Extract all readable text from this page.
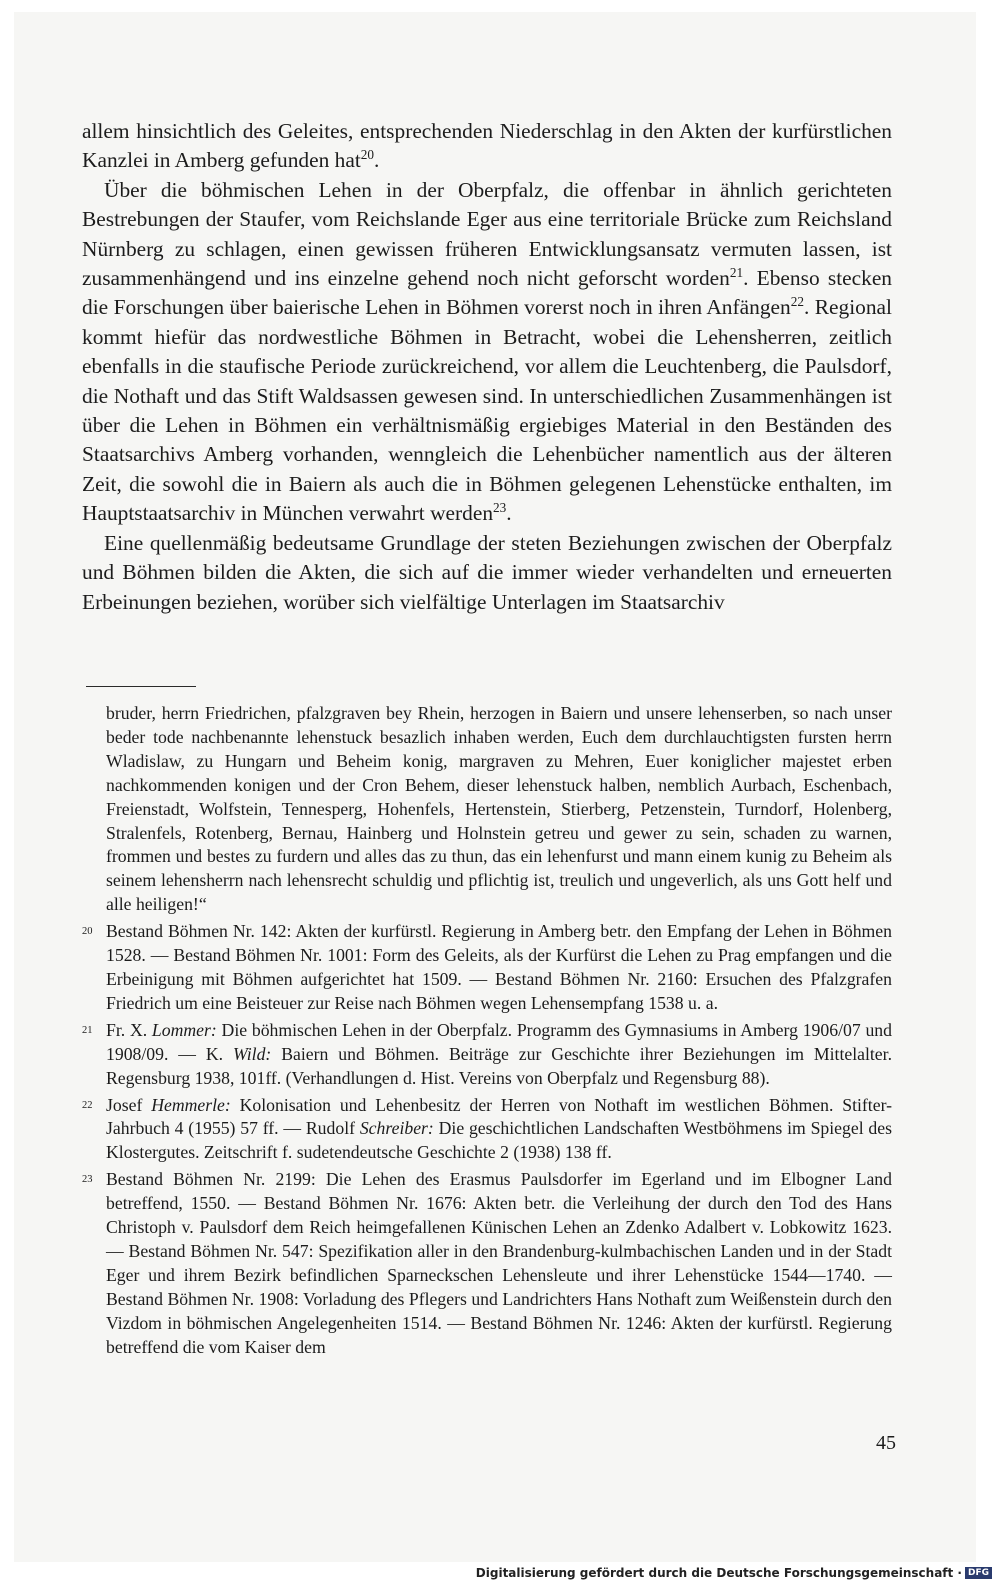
allem hinsichtlich des Geleites, entsprechenden Niederschlag in den Akten der kurfürstlichen Kanzlei in Amberg gefunden hat$^{20}$.

Über die böhmischen Lehen in der Oberpfalz, die offenbar in ähnlich gerichteten Bestrebungen der Staufer, vom Reichslande Eger aus eine territoriale Brücke zum Reichsland Nürnberg zu schlagen, einen gewissen früheren Entwicklungsansatz vermuten lassen, ist zusammenhängend und ins einzelne gehend noch nicht geforscht worden$^{21}$. Ebenso stecken die Forschungen über baierische Lehen in Böhmen vorerst noch in ihren Anfängen$^{22}$. Regional kommt hiefür das nordwestliche Böhmen in Betracht, wobei die Lehensherren, zeitlich ebenfalls in die staufische Periode zurückreichend, vor allem die Leuchtenberg, die Paulsdorf, die Nothaft und das Stift Waldsassen gewesen sind. In unterschiedlichen Zusammenhängen ist über die Lehen in Böhmen ein verhältnismäßig ergiebiges Material in den Beständen des Staatsarchivs Amberg vorhanden, wenngleich die Lehenbücher namentlich aus der älteren Zeit, die sowohl die in Baiern als auch die in Böhmen gelegenen Lehenstücke enthalten, im Hauptstaatsarchiv in München verwahrt werden$^{23}$.

Eine quellenmäßig bedeutsame Grundlage der steten Beziehungen zwischen der Oberpfalz und Böhmen bilden die Akten, die sich auf die immer wieder verhandelten und erneuerten Erbeinungen beziehen, worüber sich vielfältige Unterlagen im Staatsarchiv

bruder, herrn Friedrichen, pfalzgraven bey Rhein, herzogen in Baiern und unsere lehenserben, so nach unser beder tode nachbenannte lehenstuck besazlich inhaben werden, Euch dem durchlauchtigsten fursten herrn Wladislaw, zu Hungarn und Beheim konig, margraven zu Mehren, Euer koniglicher majestet erben nachkommenden konigen und der Cron Behem, dieser lehenstuck halben, nemblich Aurbach, Eschenbach, Freienstadt, Wolfstein, Tennesperg, Hohenfels, Hertenstein, Stierberg, Petzenstein, Turndorf, Holenberg, Stralenfels, Rotenberg, Bernau, Hainberg und Holnstein getreu und gewer zu sein, schaden zu warnen, frommen und bestes zu furdern und alles das zu thun, das ein lehenfurst und mann einem kunig zu Beheim als seinem lehensherrn nach lehensrecht schuldig und pflichtig ist, treulich und ungeverlich, als uns Gott helf und alle heiligen!“

20 Bestand Böhmen Nr. 142: Akten der kurfürstl. Regierung in Amberg betr. den Empfang der Lehen in Böhmen 1528. — Bestand Böhmen Nr. 1001: Form des Geleits, als der Kurfürst die Lehen zu Prag empfangen und die Erbeinigung mit Böhmen aufgerichtet hat 1509. — Bestand Böhmen Nr. 2160: Ersuchen des Pfalzgrafen Friedrich um eine Beisteuer zur Reise nach Böhmen wegen Lehensempfang 1538 u. a.
21 Fr. X. Lommer: Die böhmischen Lehen in der Oberpfalz. Programm des Gymnasiums in Amberg 1906/07 und 1908/09. — K. Wild: Baiern und Böhmen. Beiträge zur Geschichte ihrer Beziehungen im Mittelalter. Regensburg 1938, 101ff. (Verhandlungen d. Hist. Vereins von Oberpfalz und Regensburg 88).
22 Josef Hemmerle: Kolonisation und Lehenbesitz der Herren von Nothaft im westlichen Böhmen. Stifter-Jahrbuch 4 (1955) 57 ff. — Rudolf Schreiber: Die geschichtlichen Landschaften Westböhmens im Spiegel des Klostergutes. Zeitschrift f. sudetendeutsche Geschichte 2 (1938) 138 ff.
23 Bestand Böhmen Nr. 2199: Die Lehen des Erasmus Paulsdorfer im Egerland und im Elbogner Land betreffend, 1550. — Bestand Böhmen Nr. 1676: Akten betr. die Verleihung der durch den Tod des Hans Christoph v. Paulsdorf dem Reich heimgefallenen Künischen Lehen an Zdenko Adalbert v. Lobkowitz 1623. — Bestand Böhmen Nr. 547: Spezifikation aller in den Brandenburg-kulmbachischen Landen und in der Stadt Eger und ihrem Bezirk befindlichen Sparneckschen Lehensleute und ihrer Lehenstücke 1544—1740. — Bestand Böhmen Nr. 1908: Vorladung des Pflegers und Landrichters Hans Nothaft zum Weißenstein durch den Vizdom in böhmischen Angelegenheiten 1514. — Bestand Böhmen Nr. 1246: Akten der kurfürstl. Regierung betreffend die vom Kaiser dem
45
Digitalisierung gefördert durch die Deutsche Forschungsgemeinschaft · DFG
